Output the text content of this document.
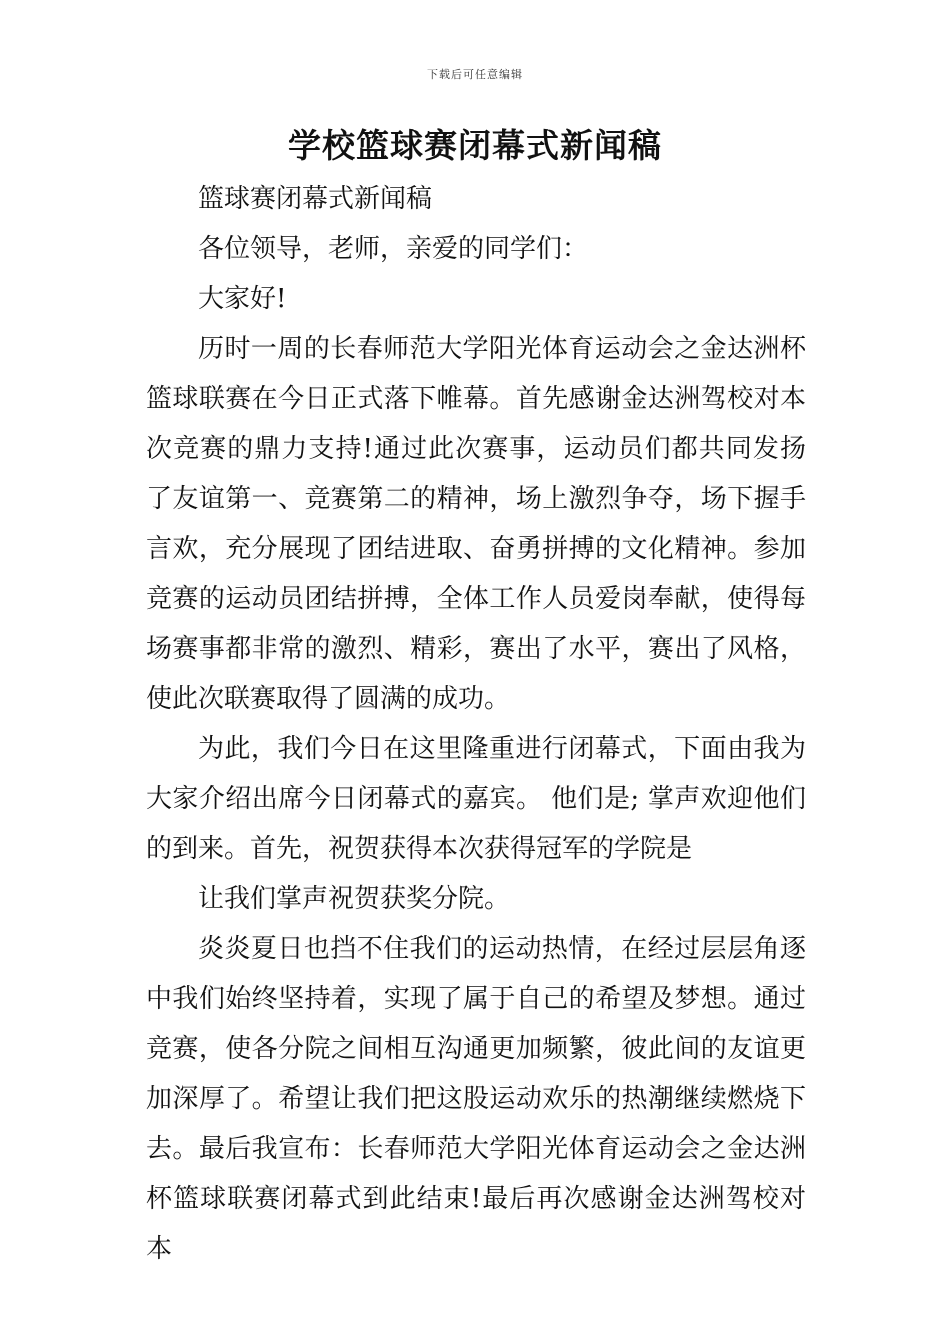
下载后可任意编辑
学校篮球赛闭幕式新闻稿

篮球赛闭幕式新闻稿

各位领导，老师，亲爱的同学们：

大家好!

历时一周的长春师范大学阳光体育运动会之金达洲杯篮球联赛在今日正式落下帷幕。首先感谢金达洲驾校对本次竞赛的鼎力支持!通过此次赛事，运动员们都共同发扬了友谊第一、竞赛第二的精神，场上激烈争夺，场下握手言欢，充分展现了团结进取、奋勇拼搏的文化精神。参加竞赛的运动员团结拼搏，全体工作人员爱岗奉献，使得每场赛事都非常的激烈、精彩，赛出了水平，赛出了风格，使此次联赛取得了圆满的成功。

为此，我们今日在这里隆重进行闭幕式，下面由我为大家介绍出席今日闭幕式的嘉宾。 他们是; 掌声欢迎他们的到来。首先，祝贺获得本次获得冠军的学院是

让我们掌声祝贺获奖分院。

炎炎夏日也挡不住我们的运动热情，在经过层层角逐中我们始终坚持着，实现了属于自己的希望及梦想。通过竞赛，使各分院之间相互沟通更加频繁，彼此间的友谊更加深厚了。希望让我们把这股运动欢乐的热潮继续燃烧下去。最后我宣布：长春师范大学阳光体育运动会之金达洲杯篮球联赛闭幕式到此结束!最后再次感谢金达洲驾校对本
